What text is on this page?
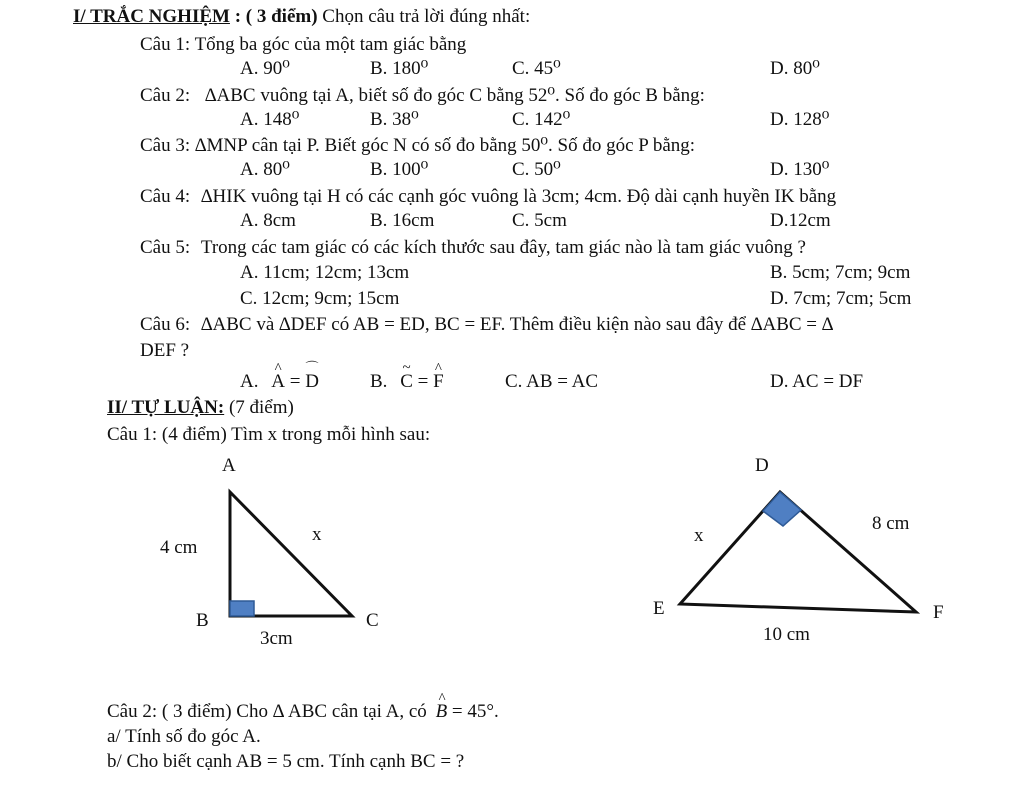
I/ TRẮC NGHIỆM : ( 3 điểm) Chọn câu trả lời đúng nhất:
Câu 1: Tổng ba góc của một tam giác bằng
A. 90⁰	B. 180⁰	C. 45⁰	D. 80⁰
Câu 2: ∆ABC vuông tại A, biết số đo góc C bằng 52⁰. Số đo góc B bằng:
A. 148⁰	B. 38⁰	C. 142⁰	D. 128⁰
Câu 3: ∆MNP cân tại P. Biết góc N có số đo bằng 50⁰. Số đo góc P bằng:
A. 80⁰	B. 100⁰	C. 50⁰	D. 130⁰
Câu 4: ∆HIK vuông tại H có các cạnh góc vuông là 3cm; 4cm. Độ dài cạnh huyền IK bằng
A. 8cm	B. 16cm	C. 5cm	D.12cm
Câu 5: Trong các tam giác có các kích thước sau đây, tam giác nào là tam giác vuông ?
A. 11cm; 12cm; 13cm	B. 5cm; 7cm; 9cm
C. 12cm; 9cm; 15cm	D. 7cm; 7cm; 5cm
Câu 6: ∆ABC và ∆DEF có AB = ED, BC = EF. Thêm điều kiện nào sau đây để ∆ABC = ∆
DEF ?
A. ^ A = ⌒ D	B. ~ C = ^ F	C. AB = AC	D. AC = DF
II/ TỰ LUẬN: (7 điểm)
Câu 1: (4 điểm) Tìm x trong mỗi hình sau:
A
B	C
4 cm
3cm
x
D
E	F
x
8 cm
10 cm
Câu 2: ( 3 điểm) Cho ∆ ABC cân tại A, có ^ B = 45°.
a/ Tính số đo góc A.
b/ Cho biết cạnh AB = 5 cm. Tính cạnh BC = ?
